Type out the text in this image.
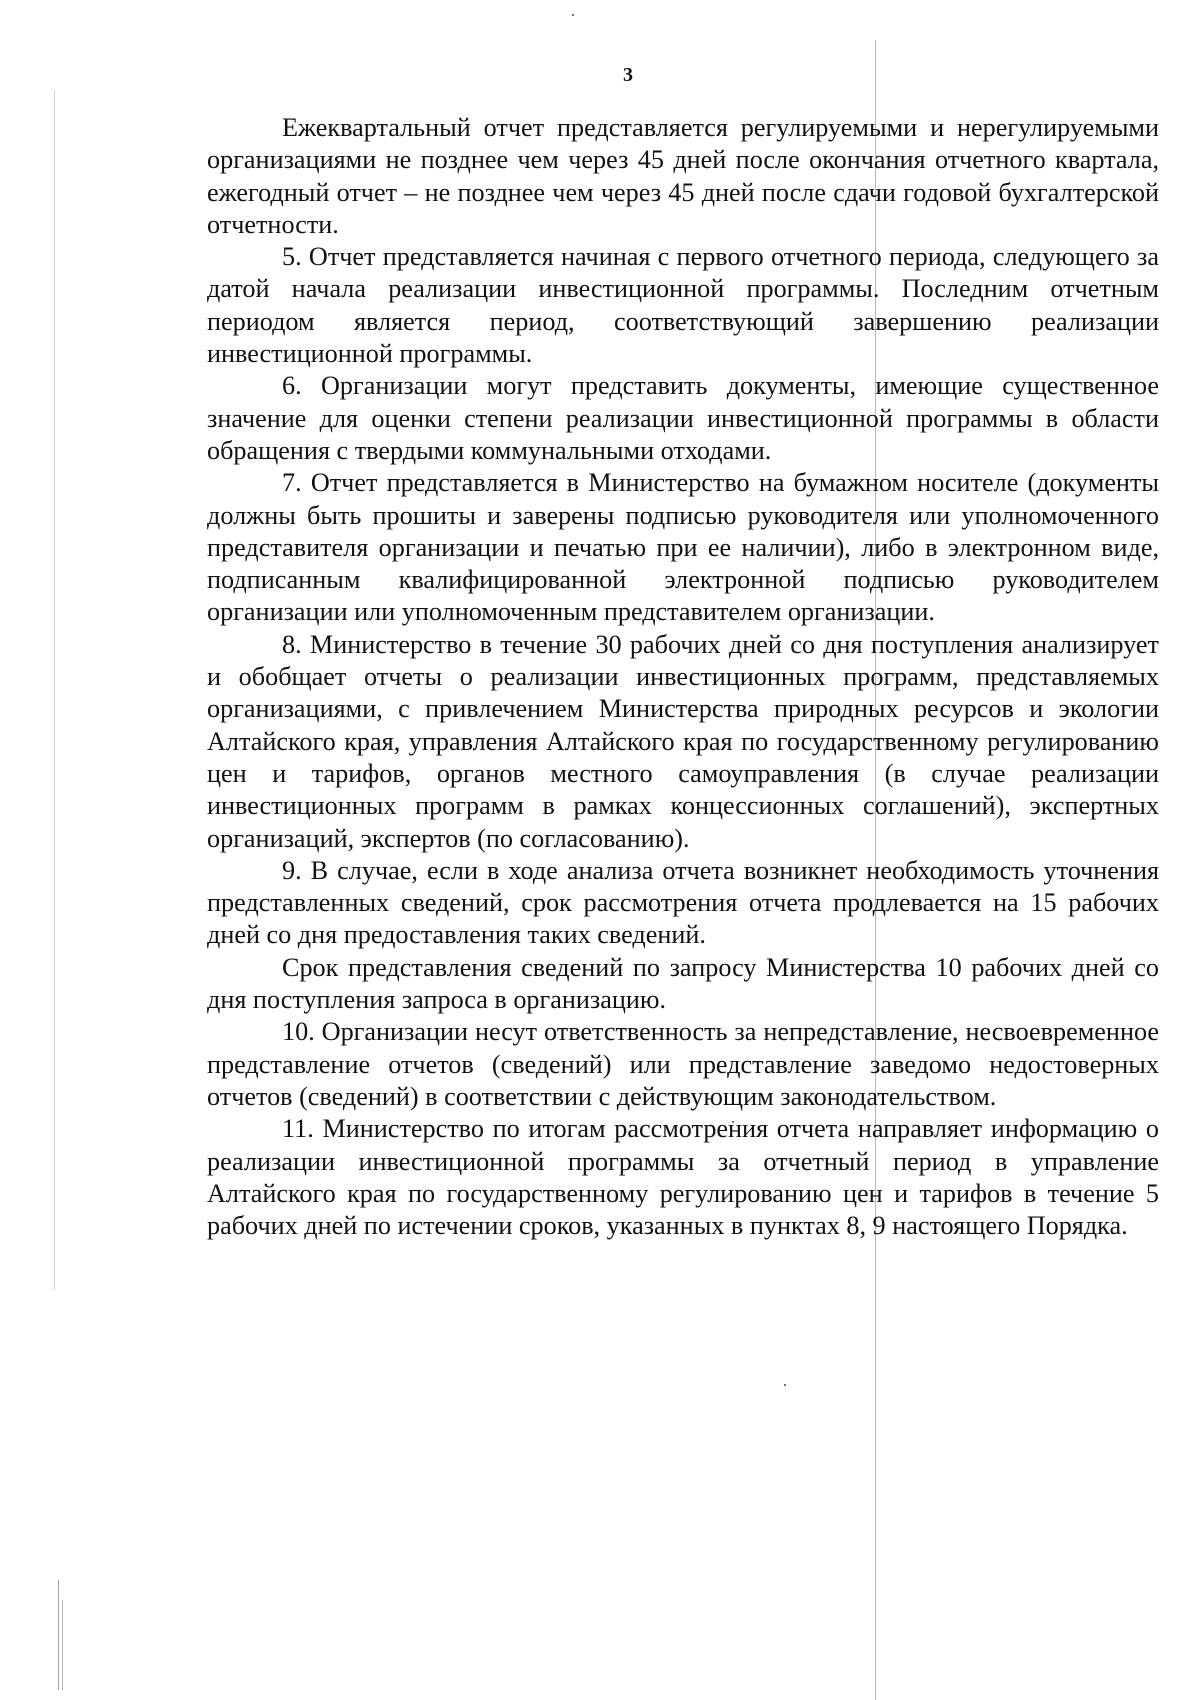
3

Ежеквартальный отчет представляется регулируемыми и нерегулируемыми организациями не позднее чем через 45 дней после окончания отчетного квартала, ежегодный отчет – не позднее чем через 45 дней после сдачи годовой бухгалтерской отчетности.

5. Отчет представляется начиная с первого отчетного периода, следующего за датой начала реализации инвестиционной программы. Последним отчетным периодом является период, соответствующий завершению реализации инвестиционной программы.

6. Организации могут представить документы, имеющие существенное значение для оценки степени реализации инвестиционной программы в области обращения с твердыми коммунальными отходами.

7. Отчет представляется в Министерство на бумажном носителе (документы должны быть прошиты и заверены подписью руководителя или уполномоченного представителя организации и печатью при ее наличии), либо в электронном виде, подписанным квалифицированной электронной подписью руководителем организации или уполномоченным представителем организации.

8. Министерство в течение 30 рабочих дней со дня поступления анализирует и обобщает отчеты о реализации инвестиционных программ, представляемых организациями, с привлечением Министерства природных ресурсов и экологии Алтайского края, управления Алтайского края по государственному регулированию цен и тарифов, органов местного самоуправления (в случае реализации инвестиционных программ в рамках концессионных соглашений), экспертных организаций, экспертов (по согласованию).

9. В случае, если в ходе анализа отчета возникнет необходимость уточнения представленных сведений, срок рассмотрения отчета продлевается на 15 рабочих дней со дня предоставления таких сведений.

Срок представления сведений по запросу Министерства 10 рабочих дней со дня поступления запроса в организацию.

10. Организации несут ответственность за непредставление, несвоевременное представление отчетов (сведений) или представление заведомо недостоверных отчетов (сведений) в соответствии с действующим законодательством.

11. Министерство по итогам рассмотрения отчета направляет информацию о реализации инвестиционной программы за отчетный период в управление Алтайского края по государственному регулированию цен и тарифов в течение 5 рабочих дней по истечении сроков, указанных в пунктах 8, 9 настоящего Порядка.
